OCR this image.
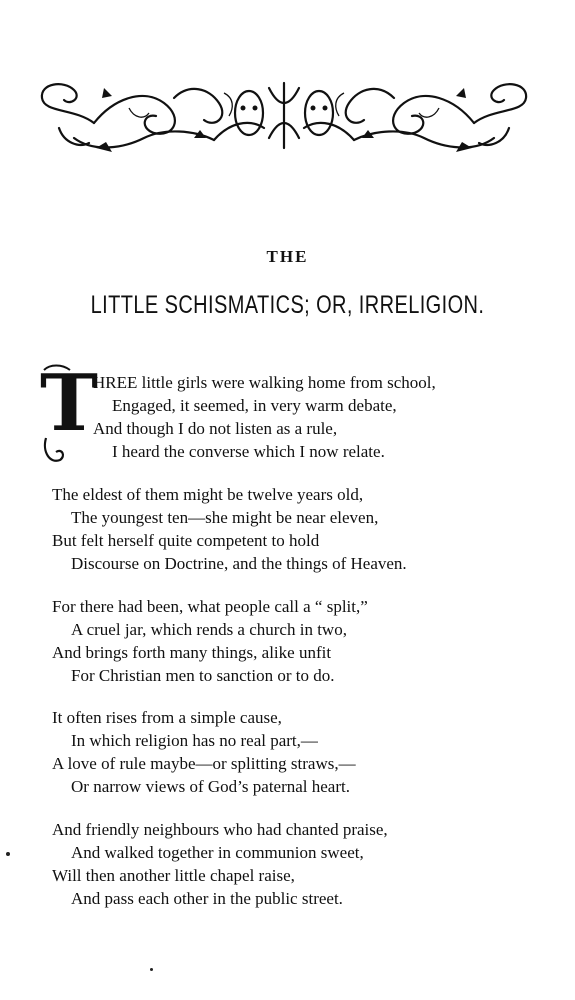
THE
LITTLE SCHISMATICS; OR, IRRELIGION.
T
HREE little girls were walking home from school,
Engaged, it seemed, in very warm debate,
And though I do not listen as a rule,
I heard the converse which I now relate.
The eldest of them might be twelve years old,
The youngest ten—she might be near eleven,
But felt herself quite competent to hold
Discourse on Doctrine, and the things of Heaven.
For there had been, what people call a “ split,”
A cruel jar, which rends a church in two,
And brings forth many things, alike unfit
For Christian men to sanction or to do.
It often rises from a simple cause,
In which religion has no real part,—
A love of rule maybe—or splitting straws,—
Or narrow views of God’s paternal heart.
And friendly neighbours who had chanted praise,
And walked together in communion sweet,
Will then another little chapel raise,
And pass each other in the public street.
